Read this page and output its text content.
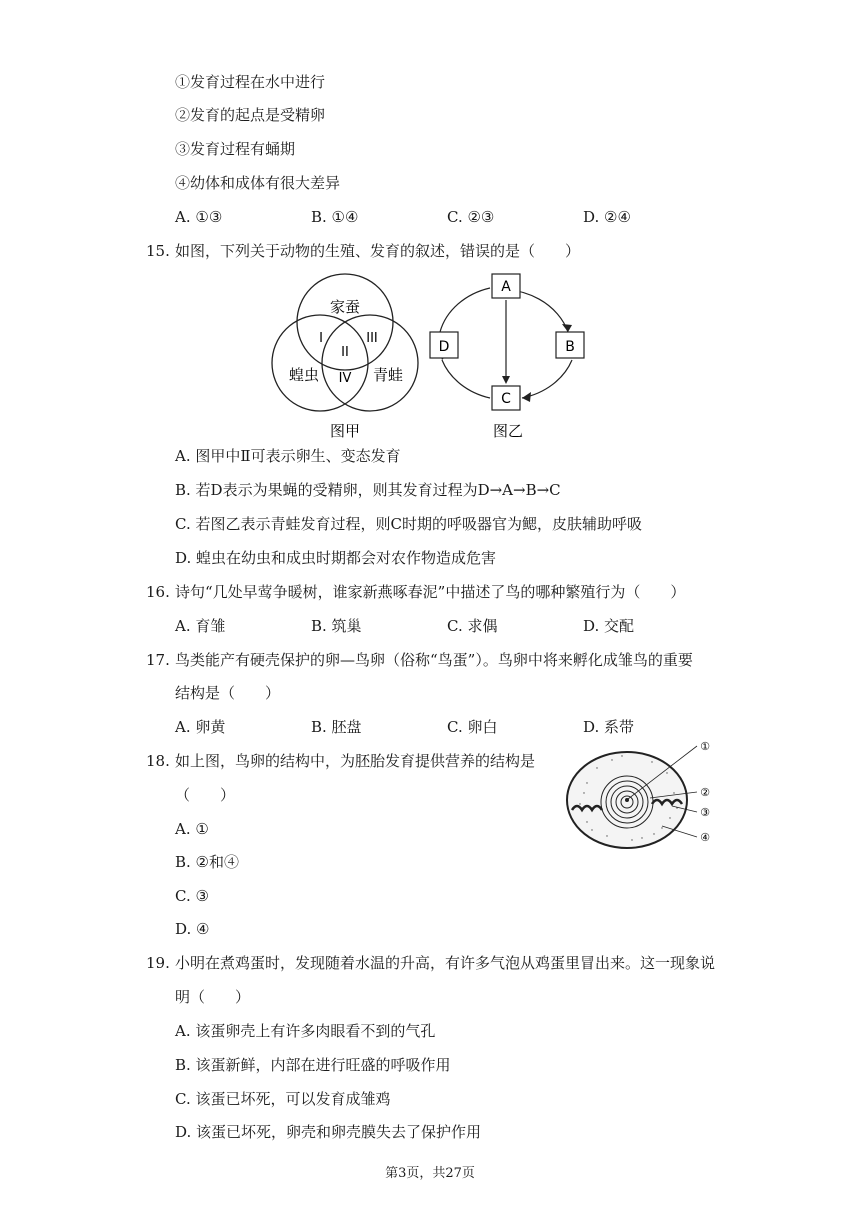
①发育过程在水中进行
②发育的起点是受精卵
③发育过程有蛹期
④幼体和成体有很大差异
A. ①③	B. ①④	C. ②③	D. ②④
15. 如图，下列关于动物的生殖、发育的叙述，错误的是（　　）
家蚕
蝗虫	青蛙
I
II
III
IV
图甲
A
B
C
D
图乙
A. 图甲中Ⅱ可表示卵生、变态发育
B. 若D表示为果蝇的受精卵，则其发育过程为D→A→B→C
C. 若图乙表示青蛙发育过程，则C时期的呼吸器官为鳃，皮肤辅助呼吸
D. 蝗虫在幼虫和成虫时期都会对农作物造成危害
16. 诗句“几处早莺争暖树，谁家新燕啄春泥”中描述了鸟的哪种繁殖行为（　　）
A. 育雏	B. 筑巢	C. 求偶	D. 交配
17. 鸟类能产有硬壳保护的卵—鸟卵（俗称“鸟蛋”）。鸟卵中将来孵化成雏鸟的重要
结构是（　　）
A. 卵黄	B. 胚盘	C. 卵白	D. 系带
18. 如上图，鸟卵的结构中，为胚胎发育提供营养的结构是
（　　）
A. ①
B. ②和④
C. ③
D. ④
①
②
③
④
19. 小明在煮鸡蛋时，发现随着水温的升高，有许多气泡从鸡蛋里冒出来。这一现象说
明（　　）
A. 该蛋卵壳上有许多肉眼看不到的气孔
B. 该蛋新鲜，内部在进行旺盛的呼吸作用
C. 该蛋已坏死，可以发育成雏鸡
D. 该蛋已坏死，卵壳和卵壳膜失去了保护作用
第3页，共27页
